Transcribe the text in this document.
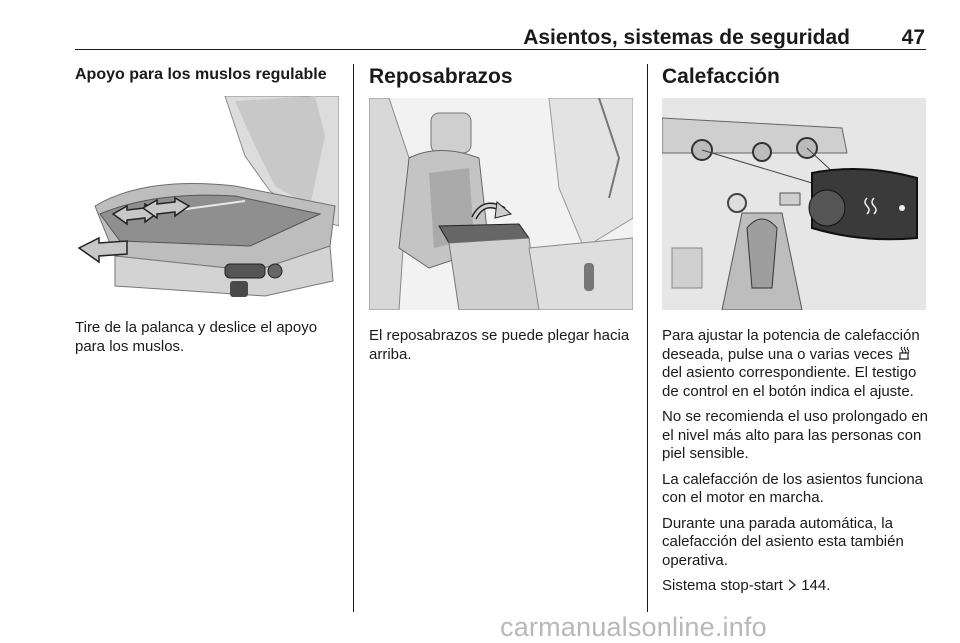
Asientos, sistemas de seguridad	47
Apoyo para los muslos regulable
Tire de la palanca y deslice el apoyo para los muslos.
Reposabrazos
El reposabrazos se puede plegar hacia arriba.
Calefacción

Para ajustar la potencia de calefacción deseada, pulse una o varias veces  del asiento correspondiente. El testigo de control en el botón indica el ajuste.

No se recomienda el uso prolongado en el nivel más alto para las personas con piel sensible.

La calefacción de los asientos funciona con el motor en marcha.

Durante una parada automática, la calefacción del asiento esta también operativa.

Sistema stop-start  144.

carmanualsonline.info
